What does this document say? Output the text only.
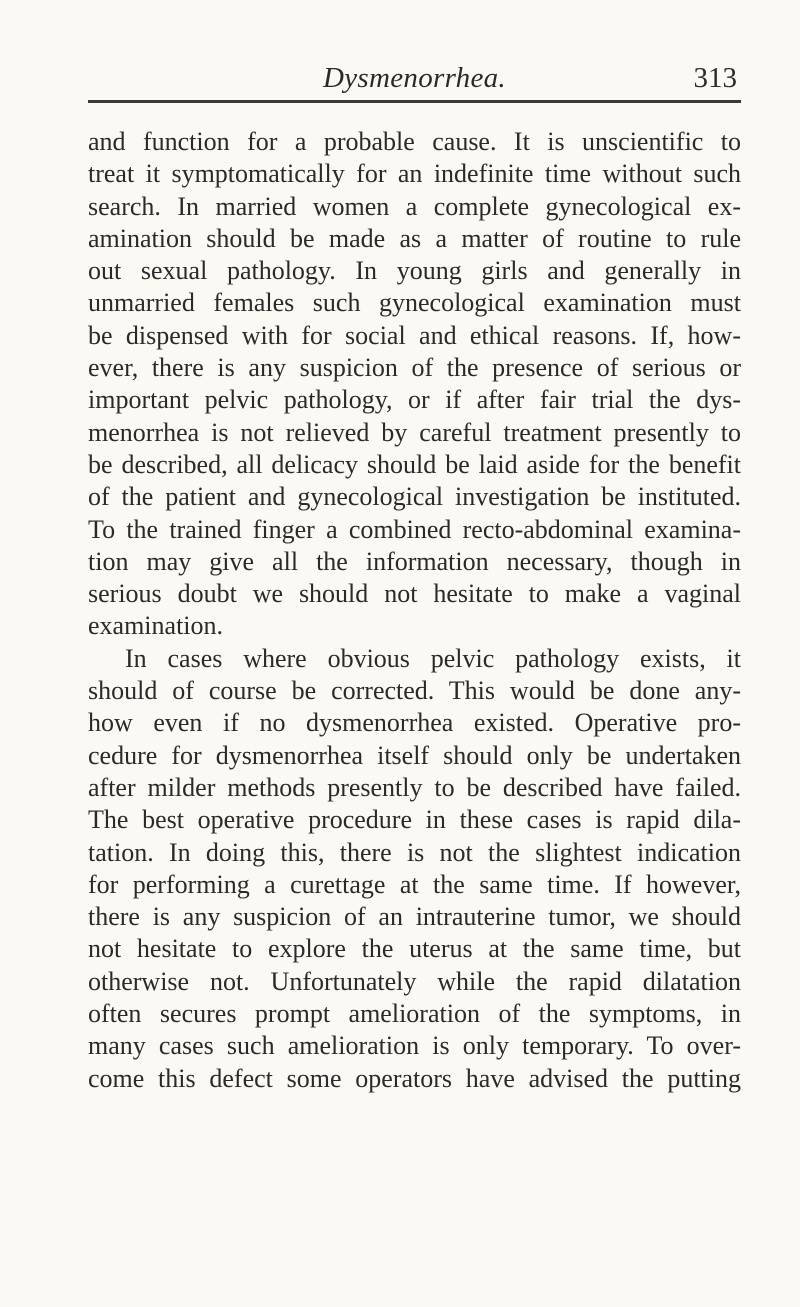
Dysmenorrhea.	313
and function for a probable cause. It is unscientific to
treat it symptomatically for an indefinite time without such
search. In married women a complete gynecological ex-
amination should be made as a matter of routine to rule
out sexual pathology. In young girls and generally in
unmarried females such gynecological examination must
be dispensed with for social and ethical reasons. If, how-
ever, there is any suspicion of the presence of serious or
important pelvic pathology, or if after fair trial the dys-
menorrhea is not relieved by careful treatment presently to
be described, all delicacy should be laid aside for the benefit
of the patient and gynecological investigation be instituted.
To the trained finger a combined recto-abdominal examina-
tion may give all the information necessary, though in
serious doubt we should not hesitate to make a vaginal
examination.
In cases where obvious pelvic pathology exists, it
should of course be corrected. This would be done any-
how even if no dysmenorrhea existed. Operative pro-
cedure for dysmenorrhea itself should only be undertaken
after milder methods presently to be described have failed.
The best operative procedure in these cases is rapid dila-
tation. In doing this, there is not the slightest indication
for performing a curettage at the same time. If however,
there is any suspicion of an intrauterine tumor, we should
not hesitate to explore the uterus at the same time, but
otherwise not. Unfortunately while the rapid dilatation
often secures prompt amelioration of the symptoms, in
many cases such amelioration is only temporary. To over-
come this defect some operators have advised the putting
